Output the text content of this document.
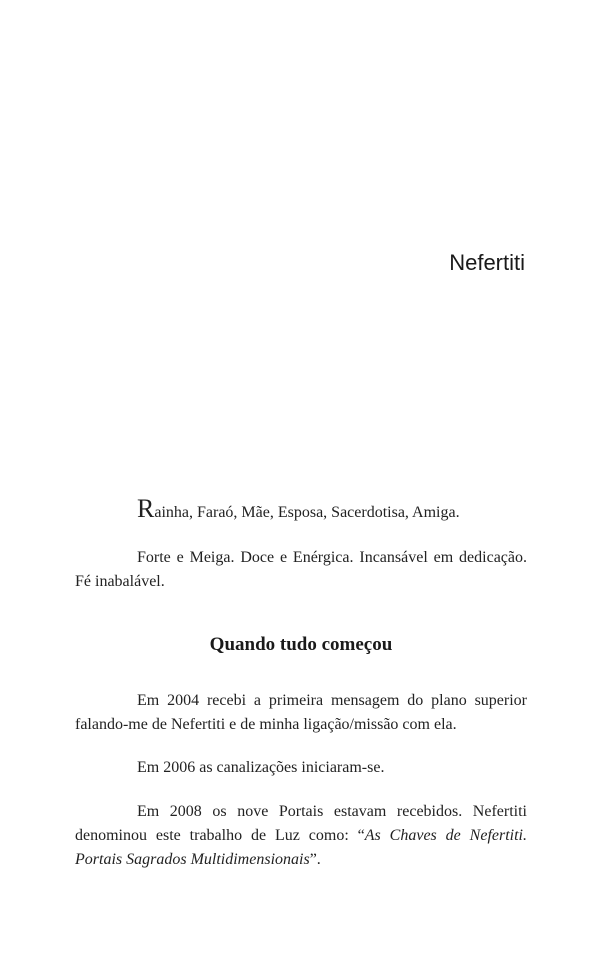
Nefertiti

Rainha, Faraó, Mãe, Esposa, Sacerdotisa, Amiga.

Forte e Meiga. Doce e Enérgica. Incansável em dedicação. Fé inabalável.

Quando tudo começou

Em 2004 recebi a primeira mensagem do plano superior falando-me de Nefertiti e de minha ligação/missão com ela.

Em 2006 as canalizações iniciaram-se.

Em 2008 os nove Portais estavam recebidos. Nefertiti denominou este trabalho de Luz como: “As Chaves de Nefertiti. Portais Sagrados Multidimensionais”.
